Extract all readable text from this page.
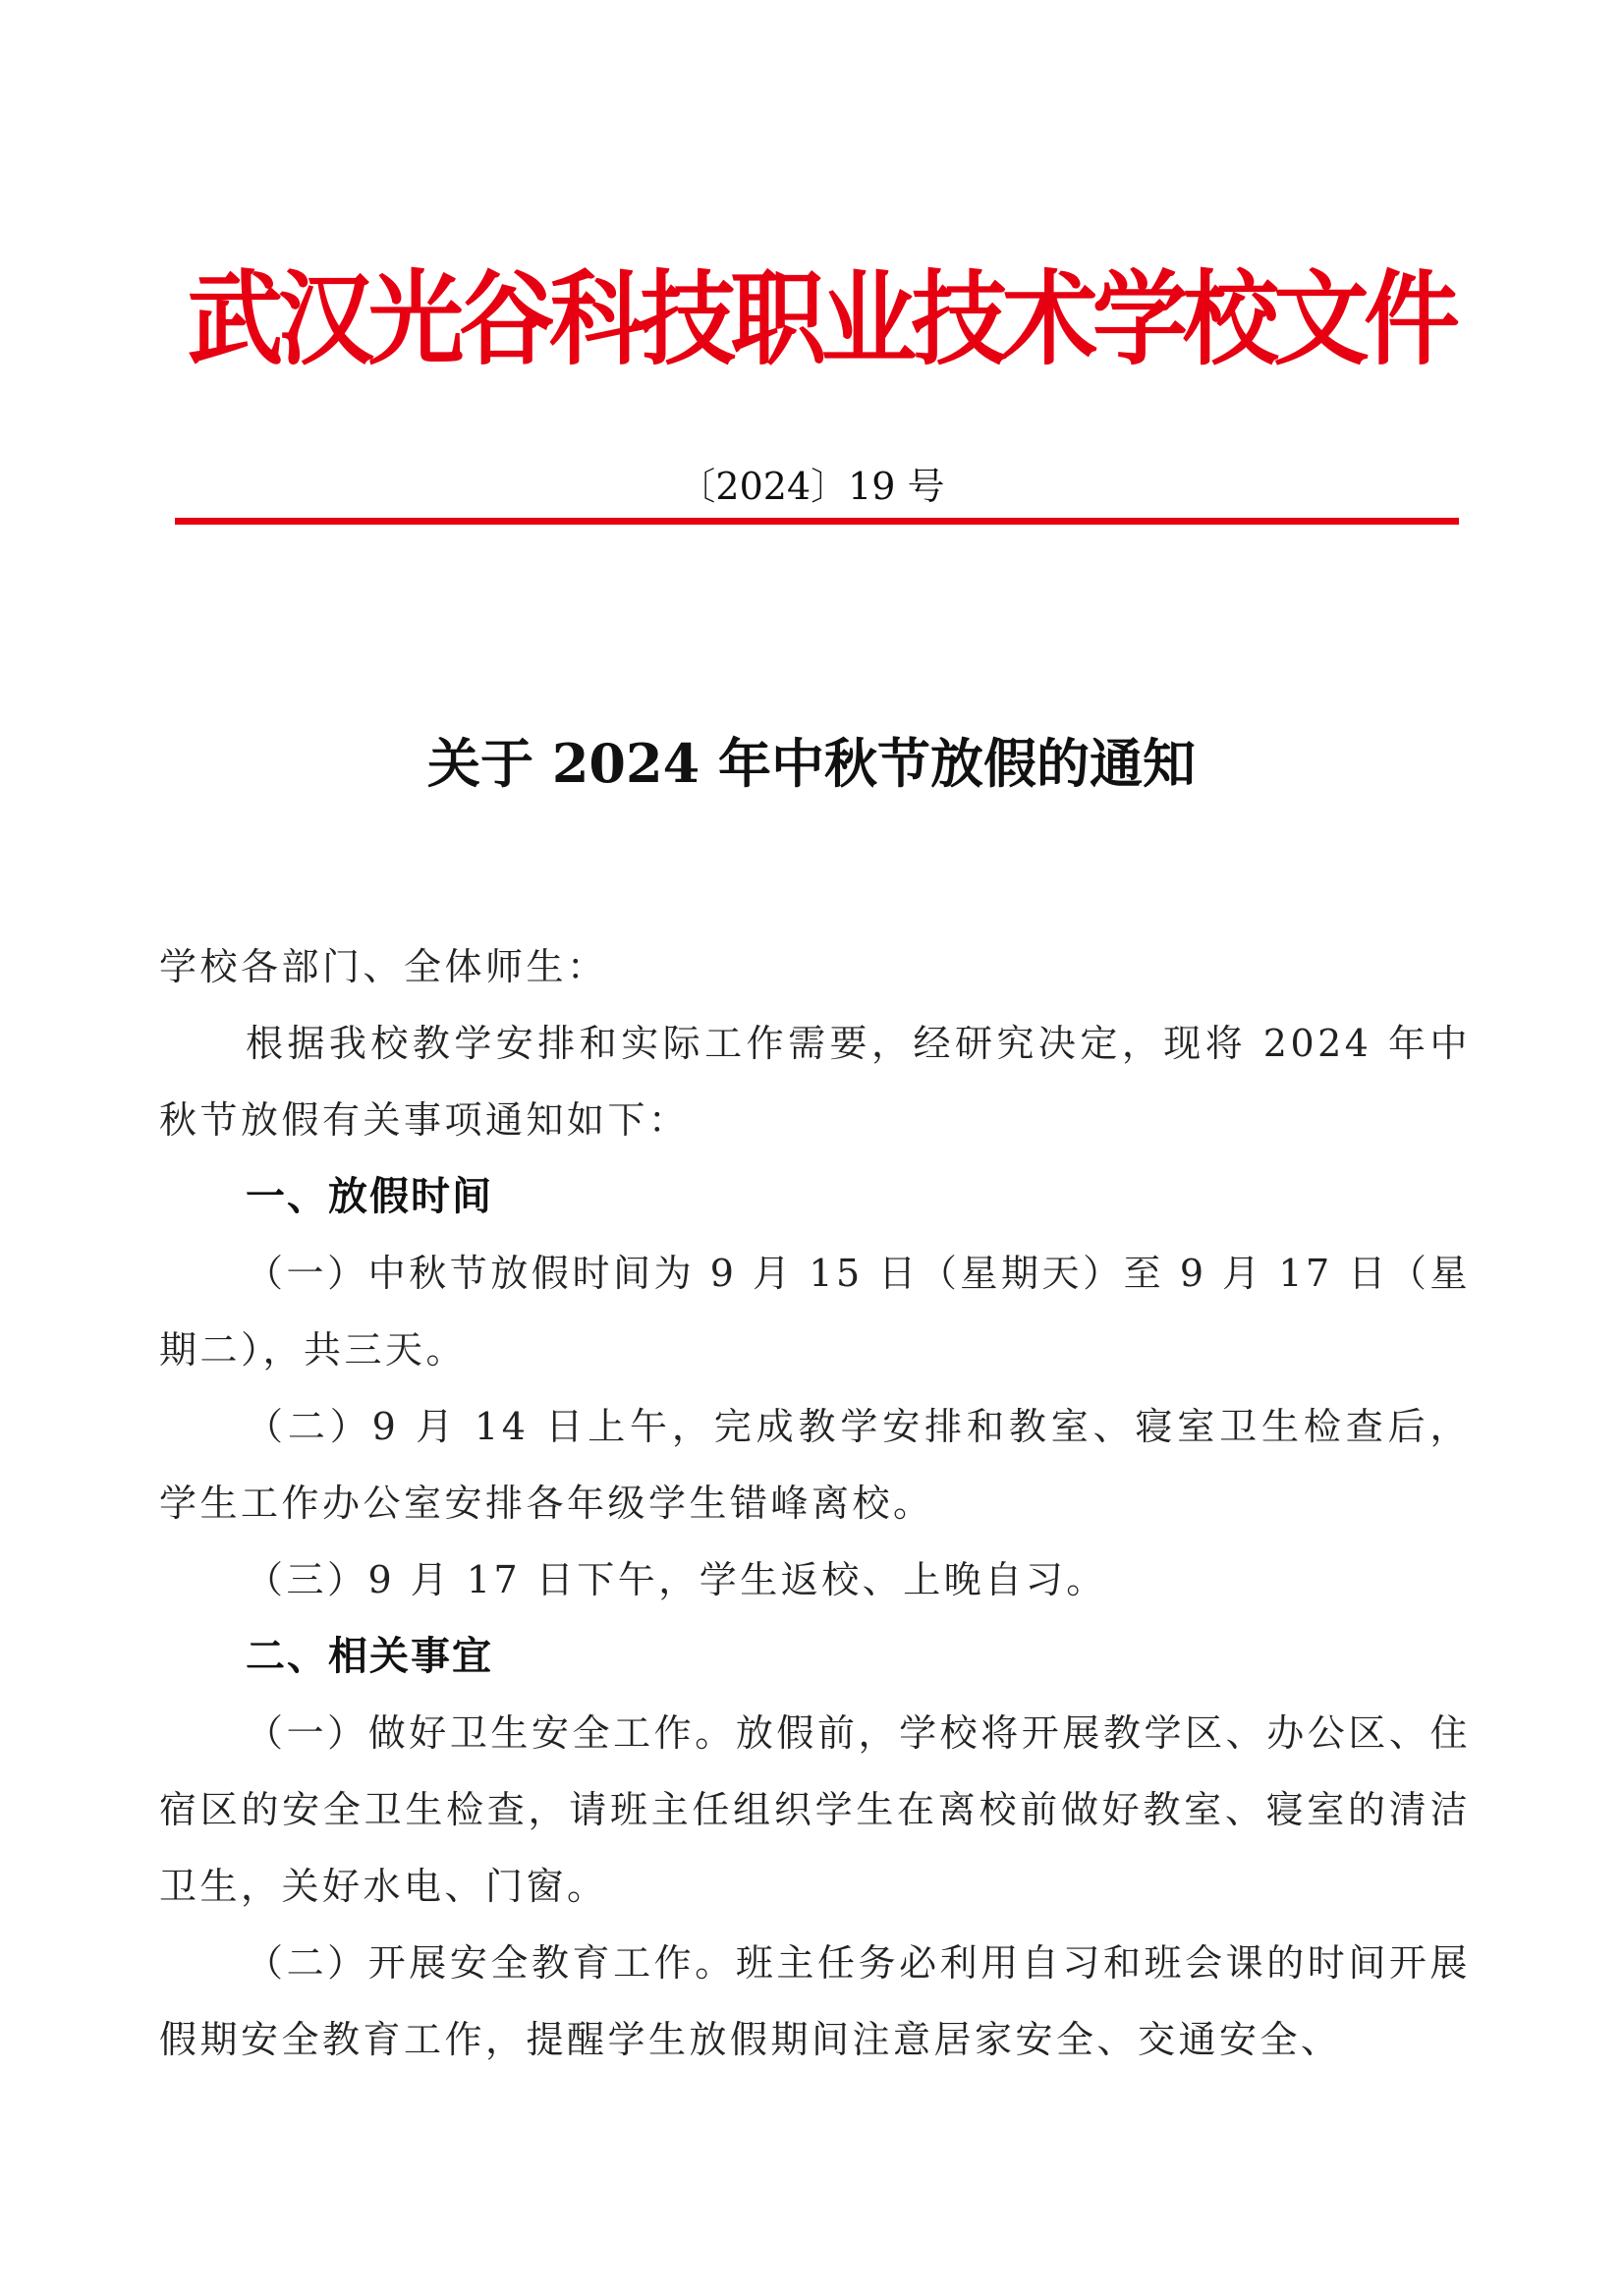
武汉光谷科技职业技术学校文件
〔2024〕19 号
关于 2024 年中秋节放假的通知

学校各部门、全体师生：

根据我校教学安排和实际工作需要，经研究决定，现将 2024 年中秋节放假有关事项通知如下：

一、放假时间

（一）中秋节放假时间为 9 月 15 日（星期天）至 9 月 17 日（星期二），共三天。

（二）9 月 14 日上午，完成教学安排和教室、寝室卫生检查后，学生工作办公室安排各年级学生错峰离校。

（三）9 月 17 日下午，学生返校、上晚自习。

二、相关事宜

（一）做好卫生安全工作。放假前，学校将开展教学区、办公区、住宿区的安全卫生检查，请班主任组织学生在离校前做好教室、寝室的清洁卫生，关好水电、门窗。

（二）开展安全教育工作。班主任务必利用自习和班会课的时间开展假期安全教育工作，提醒学生放假期间注意居家安全、交通安全、
